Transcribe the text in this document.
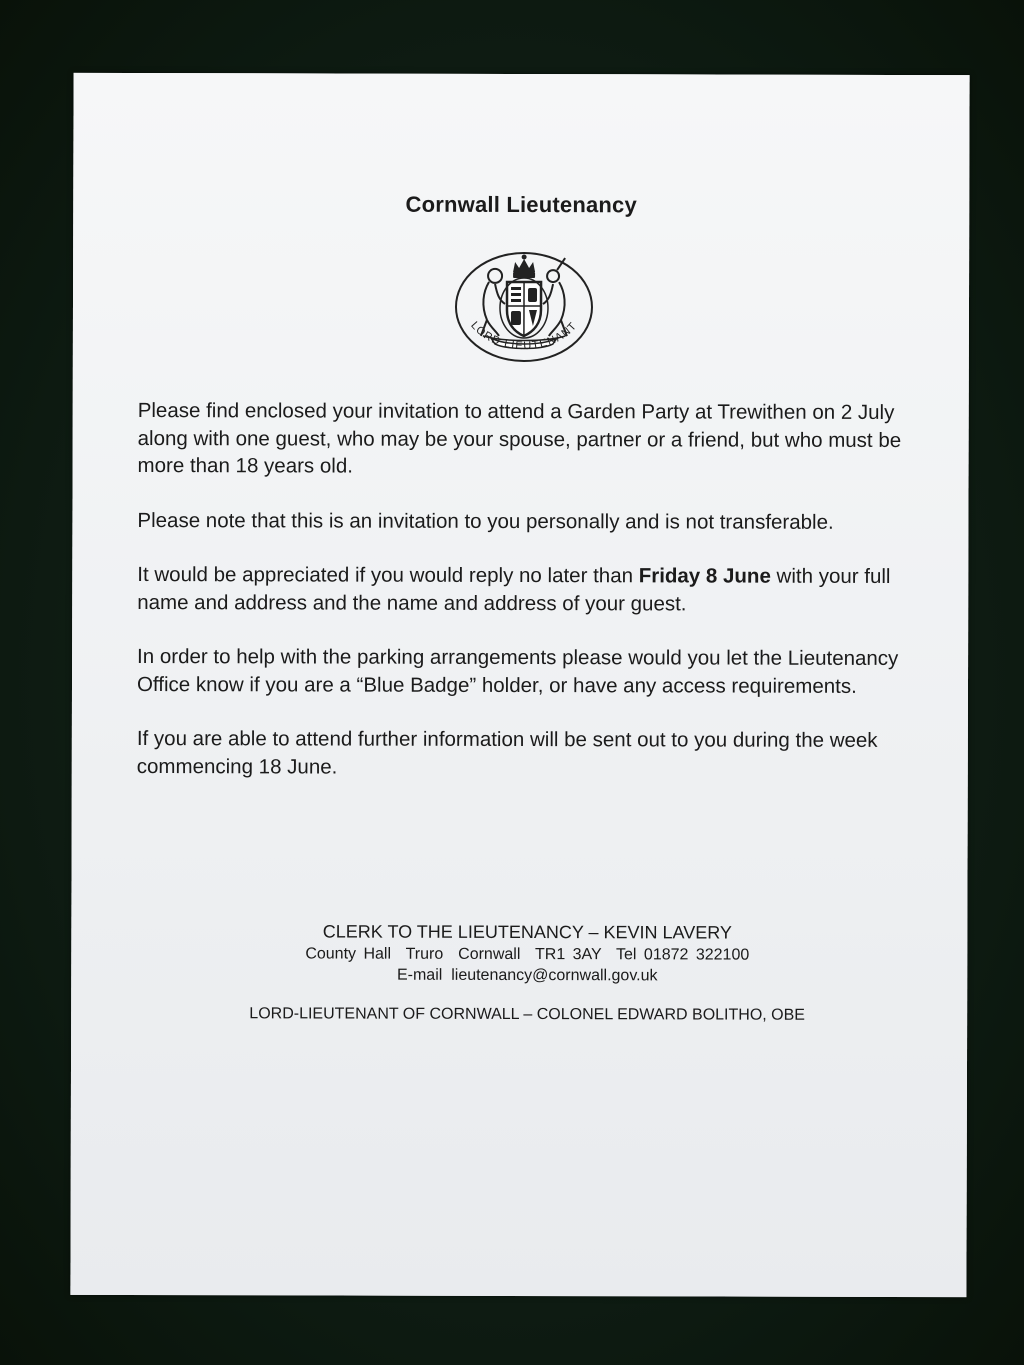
Cornwall Lieutenancy
LORD LIEUTENANT

Please find enclosed your invitation to attend a Garden Party at Trewithen on 2 July along with one guest, who may be your spouse, partner or a friend, but who must be more than 18 years old.

Please note that this is an invitation to you personally and is not transferable.

It would be appreciated if you would reply no later than Friday 8 June with your full name and address and the name and address of your guest.

In order to help with the parking arrangements please would you let the Lieutenancy Office know if you are a “Blue Badge” holder, or have any access requirements.

If you are able to attend further information will be sent out to you during the week commencing 18 June.

CLERK TO THE LIEUTENANCY – KEVIN LAVERY
County Hall  Truro  Cornwall  TR1 3AY  Tel 01872 322100
E-mail  lieutenancy@cornwall.gov.uk
LORD-LIEUTENANT OF CORNWALL – COLONEL EDWARD BOLITHO, OBE
